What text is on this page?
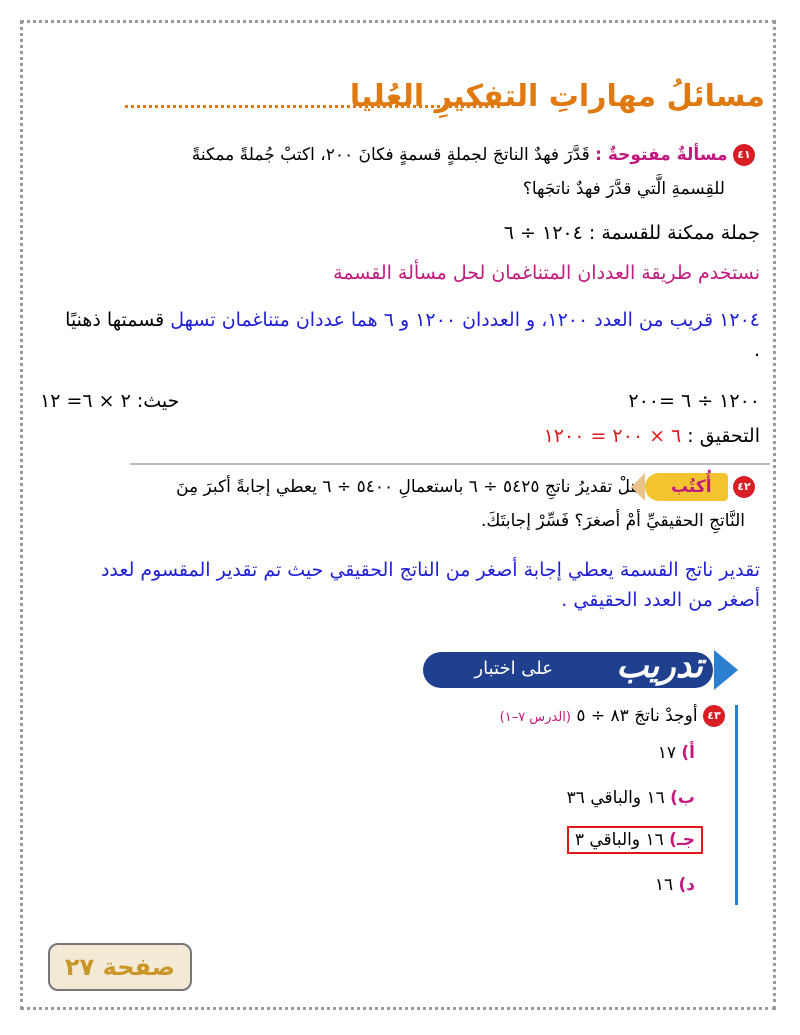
مسائلُ مهاراتِ التفكيرِ العُليا
٤١ مسألةٌ مفتوحةٌ : قَدَّرَ فهدٌ الناتجَ لجملةٍ قسمةٍ فكانَ ٢٠٠، اكتبْ جُملةً ممكنةً
للقِسمةِ الَّتي قدَّرَ فهدٌ ناتجَها؟
جملة ممكنة للقسمة : ١٢٠٤ ÷ ٦
نستخدم طريقة العددان المتناغمان لحل مسألة القسمة
١٢٠٤ قريب من العدد ١٢٠٠، و العددان ١٢٠٠ و ٦ هما عددان متناغمان تسهل قسمتها ذهنيًا .
١٢٠٠ ÷ ٦ =٢٠٠
حيث: ٢ × ٦= ١٢
التحقيق : ٦ × ٢٠٠ = ١٢٠٠
٤٢ أُكتُب هلْ تقديرُ ناتجِ ٥٤٢٥ ÷ ٦ باستعمالِ ٥٤٠٠ ÷ ٦ يعطي إجابةً أكبرَ مِنَ
النَّاتجِ الحقيقيِّ أمْ أصغرَ؟ فَسِّرْ إجابتَكَ.
تقدير ناتج القسمة يعطي إجابة أصغر من الناتج الحقيقي حيث تم تقدير المقسوم لعدد أصغر من العدد الحقيقي .
تدريب
على اختبار
٤٣ أوجدْ ناتجَ ٨٣ ÷ ٥ (الدرس ٧–١)
أ) ١٧
ب) ١٦ والباقي ٣٦
جـ) ١٦ والباقي ٣
د) ١٦
صفحة ٢٧
